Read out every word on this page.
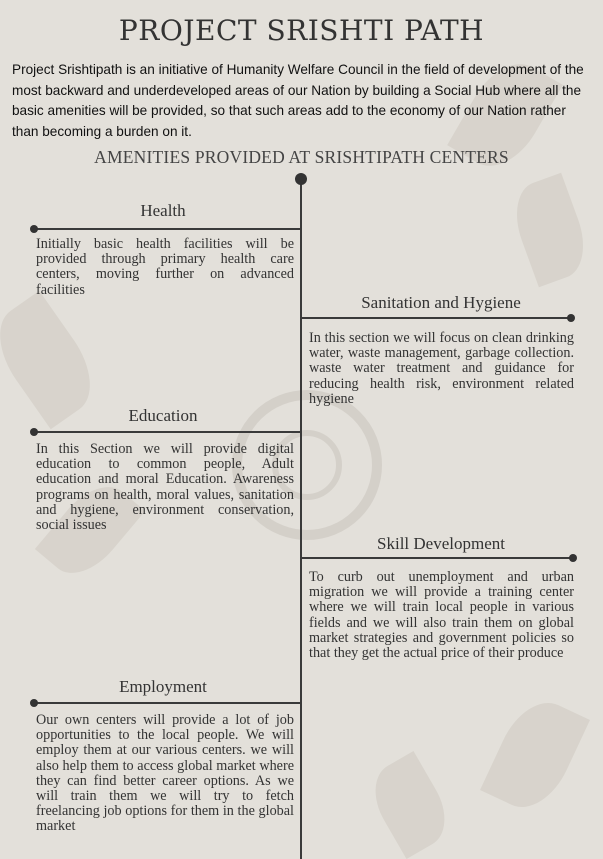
PROJECT SRISHTI PATH
Project Srishtipath is an initiative of Humanity Welfare Council in the field of development of the most backward and underdeveloped areas of our Nation by building a Social Hub where all the basic amenities will be provided, so that such areas add to the economy of our Nation rather than becoming a burden on it.
AMENITIES PROVIDED AT SRISHTIPATH CENTERS
Health
Initially basic health facilities will be provided through primary health care centers, moving further on advanced facilities
Sanitation and Hygiene
In this section we will focus on clean drinking water, waste management, garbage collection. waste water treatment and guidance for reducing health risk, environment related hygiene
Education
In this Section we will provide digital education to common people, Adult education and moral Education. Awareness programs on health, moral values, sanitation and hygiene, environment conservation, social issues
Skill Development
To curb out unemployment and urban migration we will provide a training center where we will train local people in various fields and we will also train them on global market strategies and government policies so that they get the actual price of their produce
Employment
Our own centers will provide a lot of job opportunities to the local people. We will employ them at our various centers. we will also help them to access global market where they can find better career options. As we will train them we will try to fetch freelancing job options for them in the global market
